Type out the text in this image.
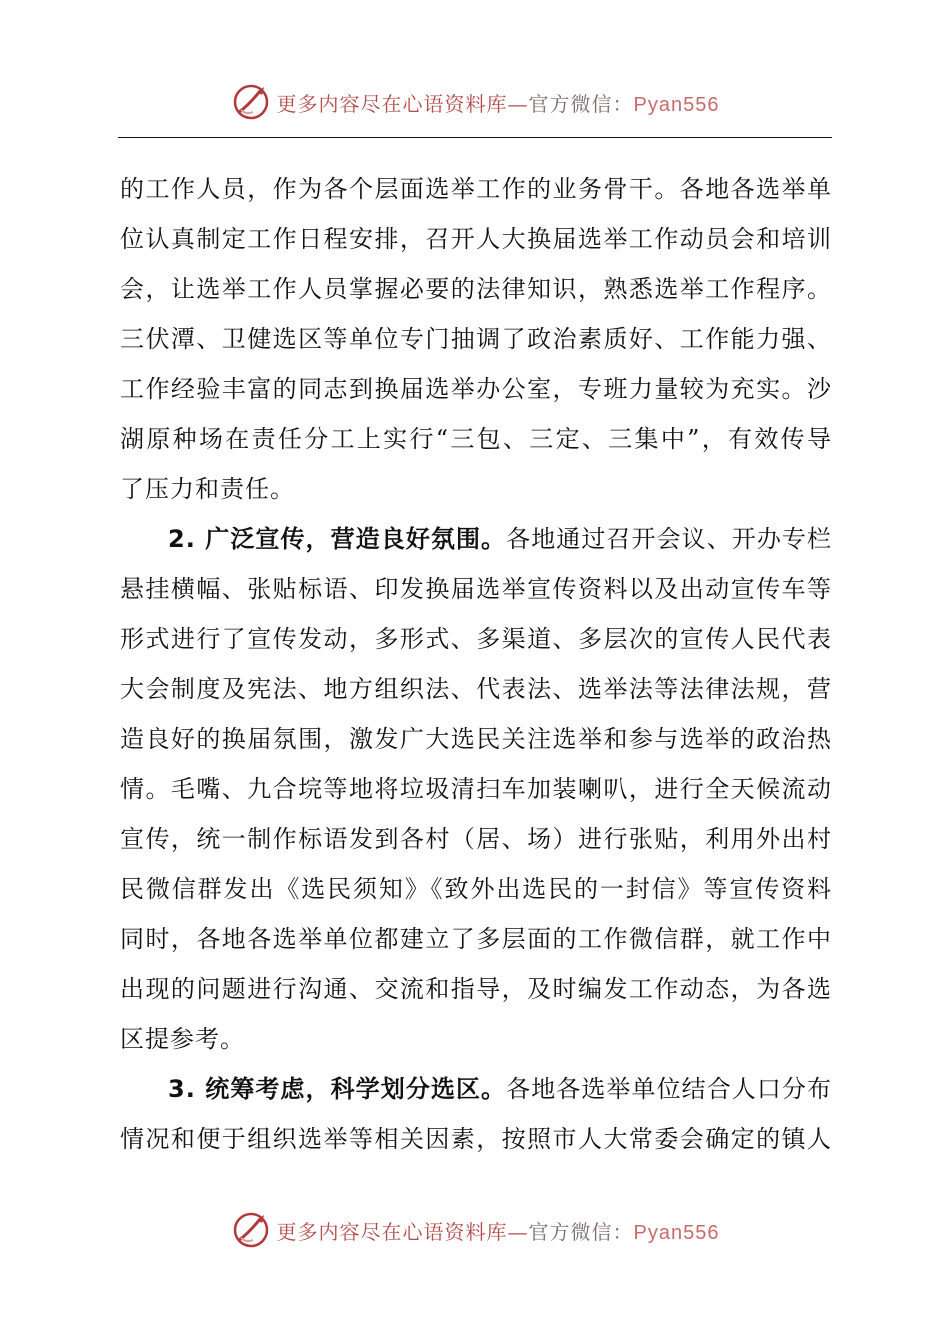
更多内容尽在心语资料库—官方微信：Pyan556
的工作人员，作为各个层面选举工作的业务骨干。各地各选举单
位认真制定工作日程安排，召开人大换届选举工作动员会和培训
会，让选举工作人员掌握必要的法律知识，熟悉选举工作程序。
三伏潭、卫健选区等单位专门抽调了政治素质好、工作能力强、
工作经验丰富的同志到换届选举办公室，专班力量较为充实。沙
湖原种场在责任分工上实行“三包、三定、三集中”，有效传导
了压力和责任。
2. 广泛宣传，营造良好氛围。各地通过召开会议、开办专栏
悬挂横幅、张贴标语、印发换届选举宣传资料以及出动宣传车等
形式进行了宣传发动，多形式、多渠道、多层次的宣传人民代表
大会制度及宪法、地方组织法、代表法、选举法等法律法规，营
造良好的换届氛围，激发广大选民关注选举和参与选举的政治热
情。毛嘴、九合垸等地将垃圾清扫车加装喇叭，进行全天候流动
宣传，统一制作标语发到各村（居、场）进行张贴，利用外出村
民微信群发出《选民须知》《致外出选民的一封信》等宣传资料
同时，各地各选举单位都建立了多层面的工作微信群，就工作中
出现的问题进行沟通、交流和指导，及时编发工作动态，为各选
区提参考。
3. 统筹考虑，科学划分选区。各地各选举单位结合人口分布
情况和便于组织选举等相关因素，按照市人大常委会确定的镇人
更多内容尽在心语资料库—官方微信：Pyan556
